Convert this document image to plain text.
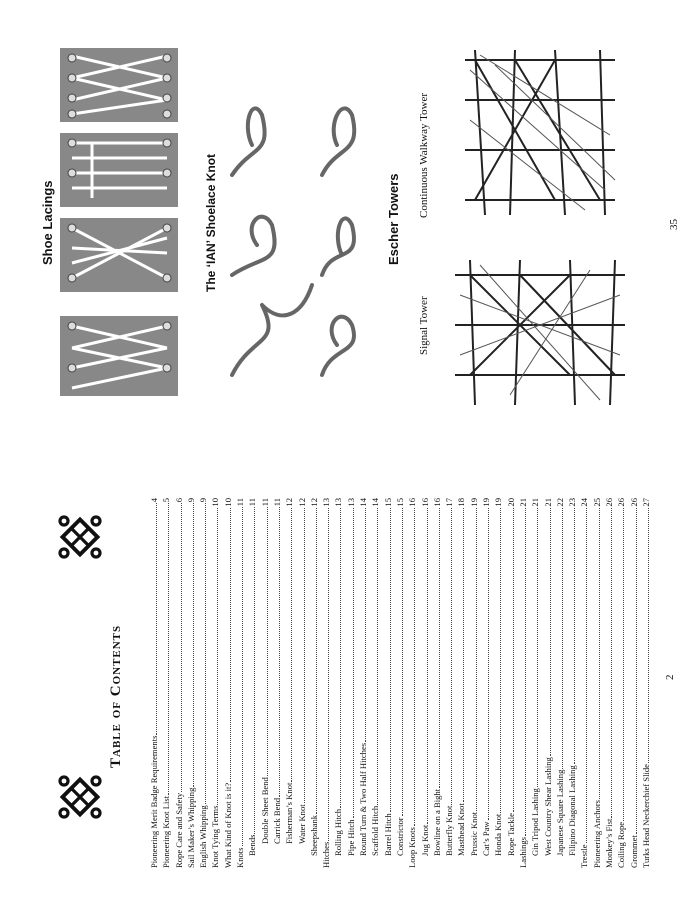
Table of Contents
Pioneering Merit Badge Requirements
4
Pioneering Knot List
5
Rope Care and Safety
6
Sail Maker’s Whipping
9
English Whipping
9
Knot Tying Terms
10
What Kind of Knot is it?
10
Knots
11
Bends
11
Double Sheet Bend
11
Carrick Bend
11
Fisherman’s Knot
12
Water Knot
12
Sheepshank
12
Hitches
13
Rolling Hitch
13
Pipe Hitch
13
Round Turn & Two Half Hitches
14
Scaffold Hitch
14
Barrel Hitch
15
Constrictor
15
Loop Knots
16
Jug Knot
16
Bowline on a Bight
16
Butterfly Knot
17
Masthead Knot
18
Prussic Knot
19
Cat’s Paw
19
Honda Knot
19
Rope Tackle
20
Lashings
21
Gin Tripod Lashing
21
West Country Shear Lashing
21
Japanese Square Lashing
22
Filipino Diagonal Lashing
23
Trestle
24
Pioneering Anchors
25
Monkey’s Fist
26
Coiling Rope
26
Grommet
26
Turks Head Neckerchief Slide
27
2
Shoe Lacings	The ‘IAN’ Shoelace Knot	Escher Towers
Signal Tower
Continuous Walkway Tower
35
